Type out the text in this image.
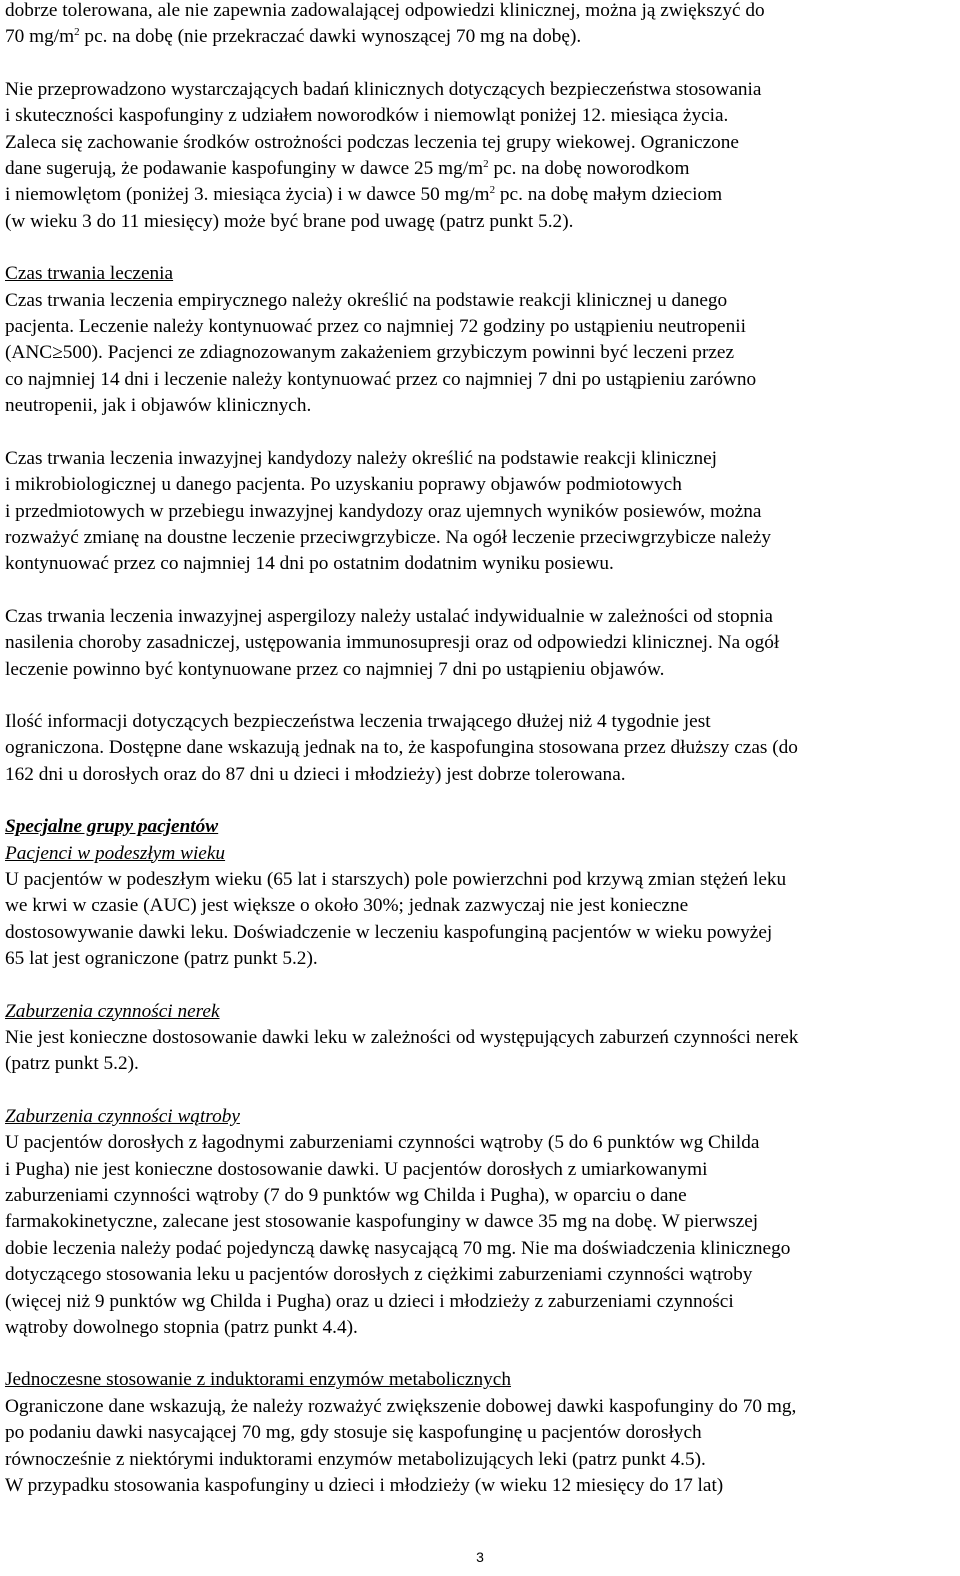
dobrze tolerowana, ale nie zapewnia zadowalającej odpowiedzi klinicznej, można ją zwiększyć do
70 $mg/m^2$ pc. na dobę (nie przekraczać dawki wynoszącej 70 mg na dobę).
Nie przeprowadzono wystarczających badań klinicznych dotyczących bezpieczeństwa stosowania
i skuteczności kaspofunginy z udziałem noworodków i niemowląt poniżej 12. miesiąca życia.
Zaleca się zachowanie środków ostrożności podczas leczenia tej grupy wiekowej. Ograniczone
dane sugerują, że podawanie kaspofunginy w dawce 25 $mg/m^2$ pc. na dobę noworodkom
i niemowlętom (poniżej 3. miesiąca życia) i w dawce 50 $mg/m^2$ pc. na dobę małym dzieciom
(w wieku 3 do 11 miesięcy) może być brane pod uwagę (patrz punkt 5.2).
Czas trwania leczenia
Czas trwania leczenia empirycznego należy określić na podstawie reakcji klinicznej u danego
pacjenta. Leczenie należy kontynuować przez co najmniej 72 godziny po ustąpieniu neutropenii
(ANC≥500). Pacjenci ze zdiagnozowanym zakażeniem grzybiczym powinni być leczeni przez
co najmniej 14 dni i leczenie należy kontynuować przez co najmniej 7 dni po ustąpieniu zarówno
neutropenii, jak i objawów klinicznych.
Czas trwania leczenia inwazyjnej kandydozy należy określić na podstawie reakcji klinicznej
i mikrobiologicznej u danego pacjenta. Po uzyskaniu poprawy objawów podmiotowych
i przedmiotowych w przebiegu inwazyjnej kandydozy oraz ujemnych wyników posiewów, można
rozważyć zmianę na doustne leczenie przeciwgrzybicze. Na ogół leczenie przeciwgrzybicze należy
kontynuować przez co najmniej 14 dni po ostatnim dodatnim wyniku posiewu.
Czas trwania leczenia inwazyjnej aspergilozy należy ustalać indywidualnie w zależności od stopnia
nasilenia choroby zasadniczej, ustępowania immunosupresji oraz od odpowiedzi klinicznej. Na ogół
leczenie powinno być kontynuowane przez co najmniej 7 dni po ustąpieniu objawów.
Ilość informacji dotyczących bezpieczeństwa leczenia trwającego dłużej niż 4 tygodnie jest
ograniczona. Dostępne dane wskazują jednak na to, że kaspofungina stosowana przez dłuższy czas (do
162 dni u dorosłych oraz do 87 dni u dzieci i młodzieży) jest dobrze tolerowana.
Specjalne grupy pacjentów
Pacjenci w podeszłym wieku
U pacjentów w podeszłym wieku (65 lat i starszych) pole powierzchni pod krzywą zmian stężeń leku
we krwi w czasie (AUC) jest większe o około 30%; jednak zazwyczaj nie jest konieczne
dostosowywanie dawki leku. Doświadczenie w leczeniu kaspofunginą pacjentów w wieku powyżej
65 lat jest ograniczone (patrz punkt 5.2).
Zaburzenia czynności nerek
Nie jest konieczne dostosowanie dawki leku w zależności od występujących zaburzeń czynności nerek
(patrz punkt 5.2).
Zaburzenia czynności wątroby
U pacjentów dorosłych z łagodnymi zaburzeniami czynności wątroby (5 do 6 punktów wg Childa
i Pugha) nie jest konieczne dostosowanie dawki. U pacjentów dorosłych z umiarkowanymi
zaburzeniami czynności wątroby (7 do 9 punktów wg Childa i Pugha), w oparciu o dane
farmakokinetyczne, zalecane jest stosowanie kaspofunginy w dawce 35 mg na dobę. W pierwszej
dobie leczenia należy podać pojedynczą dawkę nasycającą 70 mg. Nie ma doświadczenia klinicznego
dotyczącego stosowania leku u pacjentów dorosłych z ciężkimi zaburzeniami czynności wątroby
(więcej niż 9 punktów wg Childa i Pugha) oraz u dzieci i młodzieży z zaburzeniami czynności
wątroby dowolnego stopnia (patrz punkt 4.4).
Jednoczesne stosowanie z induktorami enzymów metabolicznych
Ograniczone dane wskazują, że należy rozważyć zwiększenie dobowej dawki kaspofunginy do 70 mg,
po podaniu dawki nasycającej 70 mg, gdy stosuje się kaspofunginę u pacjentów dorosłych
równocześnie z niektórymi induktorami enzymów metabolizujących leki (patrz punkt 4.5).
W przypadku stosowania kaspofunginy u dzieci i młodzieży (w wieku 12 miesięcy do 17 lat)
3
